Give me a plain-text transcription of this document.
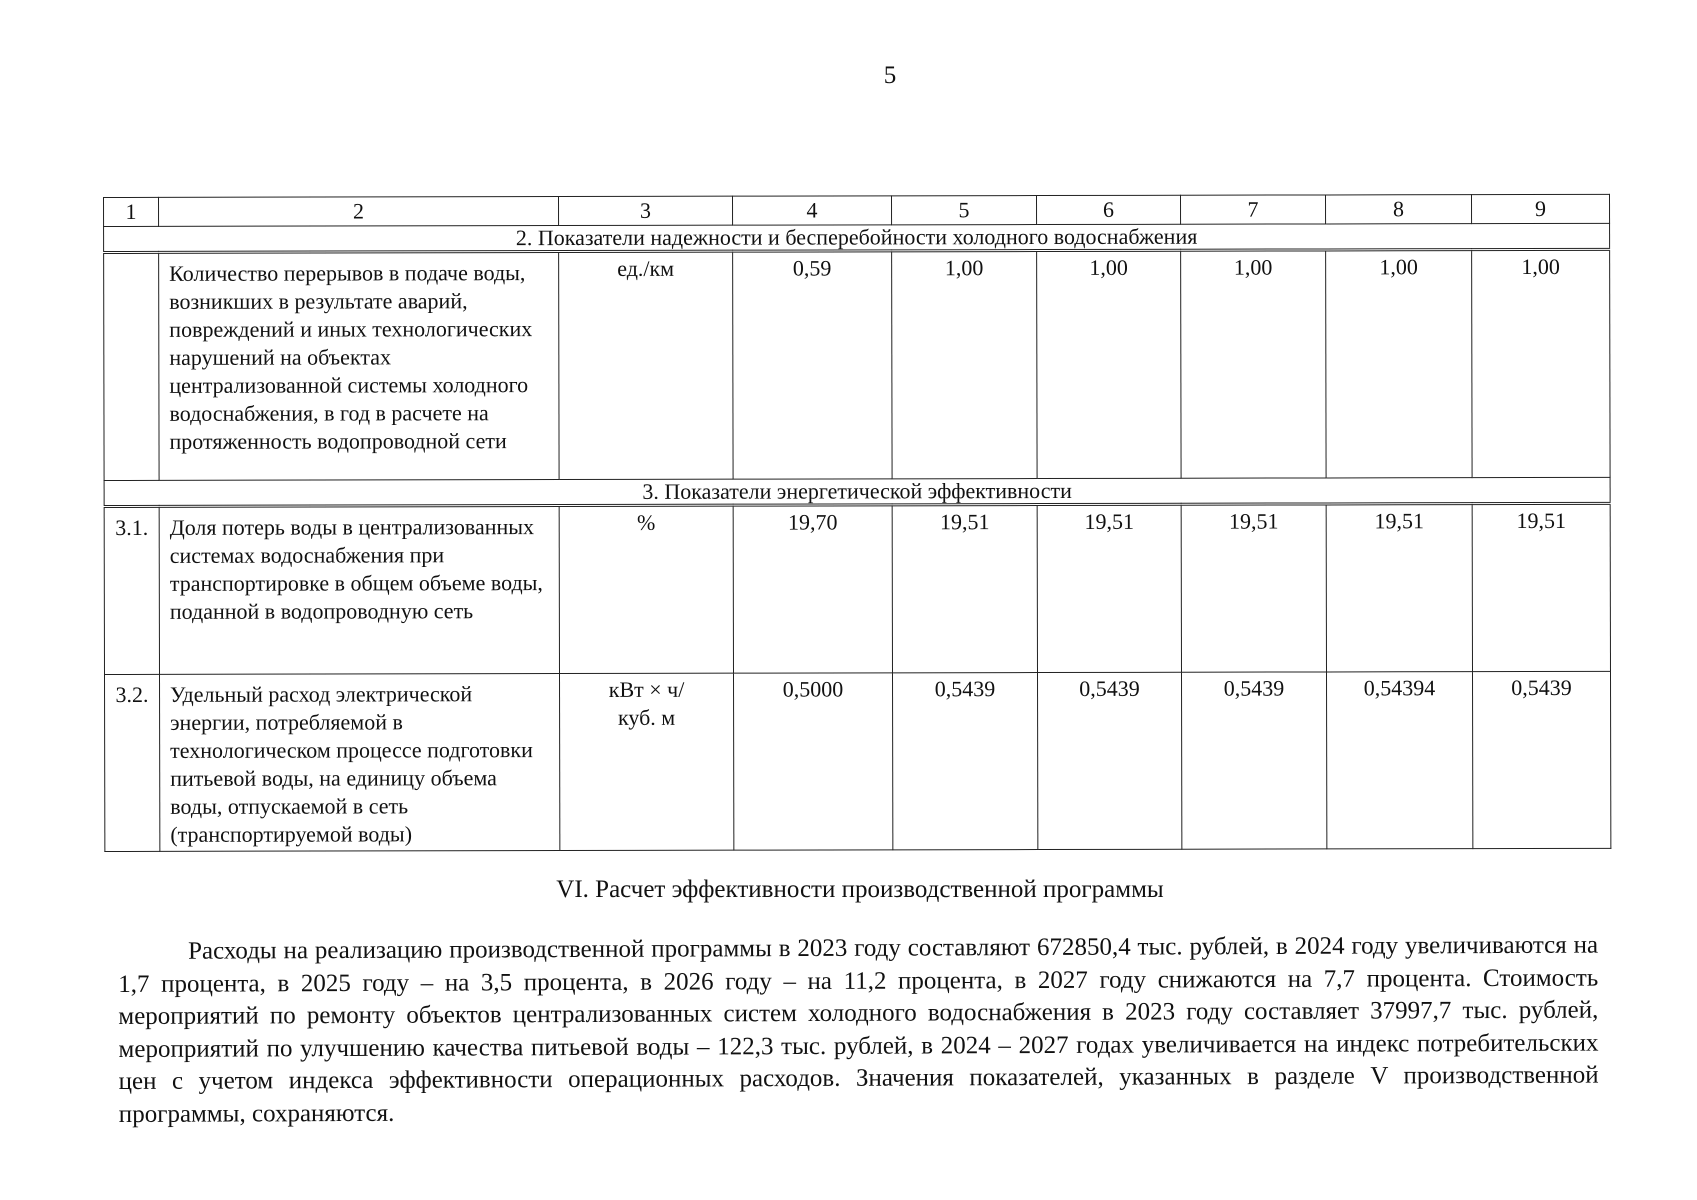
5
1	2	3	4	5	6	7	8	9
2. Показатели надежности и бесперебойности холодного водоснабжения								
	Количество перерывов в подаче воды, возникших в результате аварий, повреждений и иных технологических нарушений на объектах централизованной системы холодного водоснабжения, в год в расчете на протяженность водопроводной сети	ед./км	0,59	1,00	1,00	1,00	1,00	1,00
3. Показатели энергетической эффективности								
3.1.	Доля потерь воды в централизованных системах водоснабжения при транспортировке в общем объеме воды, поданной в водопроводную сеть	%	19,70	19,51	19,51	19,51	19,51	19,51
3.2.	Удельный расход электрической энергии, потребляемой в технологическом процессе подготовки питьевой воды, на единицу объема воды, отпускаемой в сеть (транспортируемой воды)	кВт × ч/
куб. м	0,5000	0,5439	0,5439	0,5439	0,54394	0,5439
VI. Расчет эффективности производственной программы

Расходы на реализацию производственной программы в 2023 году составляют 672850,4 тыс. рублей, в 2024 году увеличиваются на 1,7 процента, в 2025 году – на 3,5 процента, в 2026 году – на 11,2 процента, в 2027 году снижаются на 7,7 процента. Стоимость мероприятий по ремонту объектов централизованных систем холодного водоснабжения в 2023 году составляет 37997,7 тыс. рублей, мероприятий по улучшению качества питьевой воды – 122,3 тыс. рублей, в 2024 – 2027 годах увеличивается на индекс потребительских цен с учетом индекса эффективности операционных расходов. Значения показателей, указанных в разделе V производственной программы, сохраняются.
